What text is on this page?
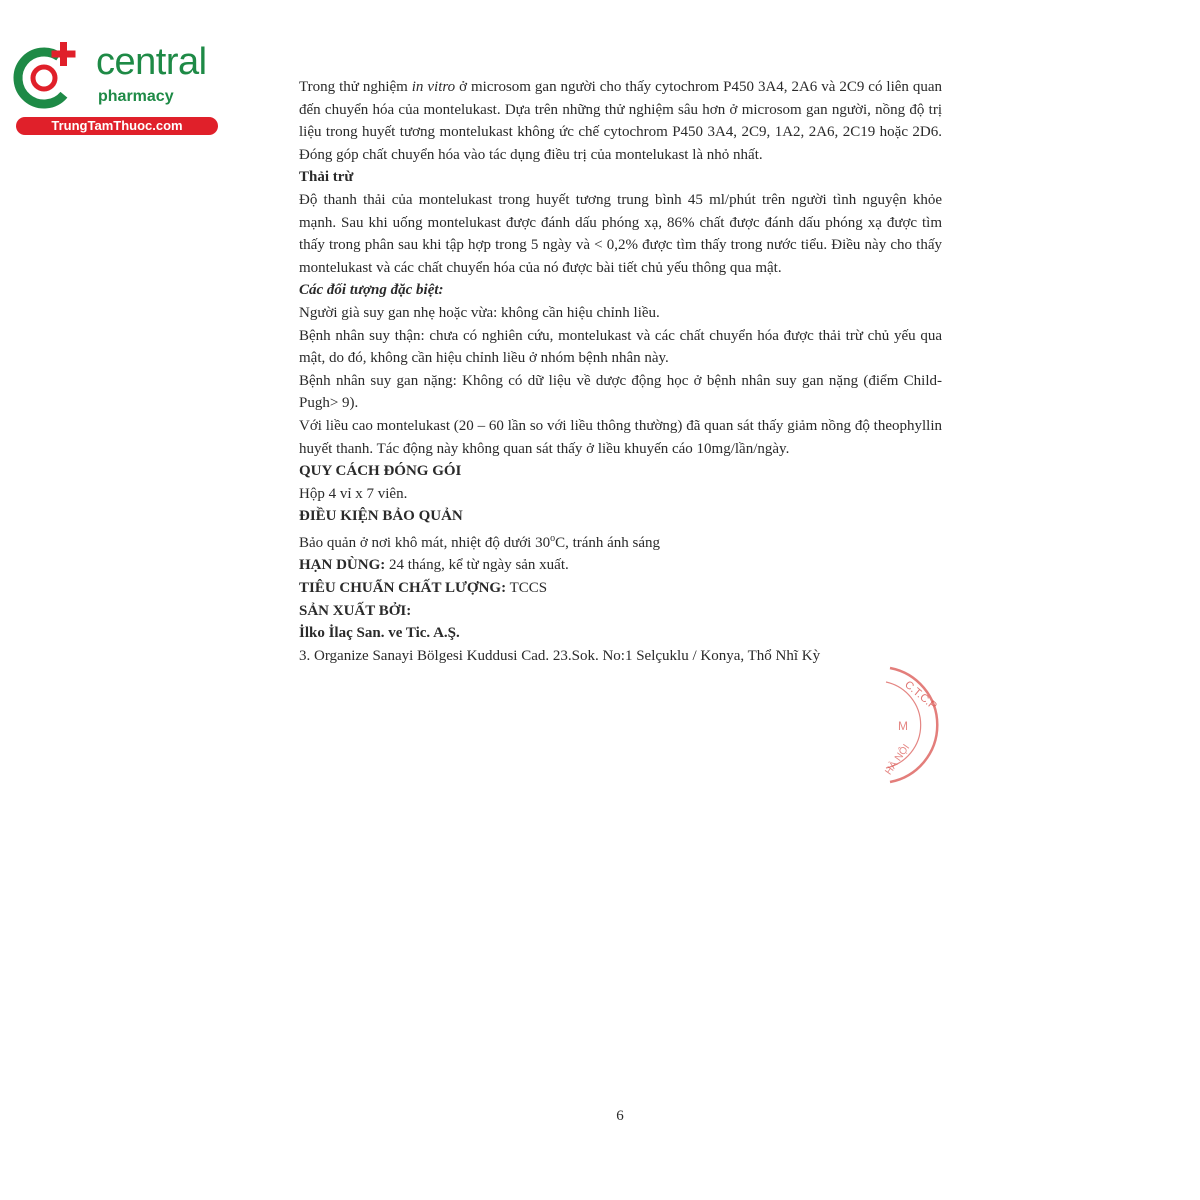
central
pharmacy
TrungTamThuoc.com

Trong thử nghiệm in vitro ở microsom gan người cho thấy cytochrom P450 3A4, 2A6 và 2C9 có liên quan đến chuyển hóa của montelukast. Dựa trên những thử nghiệm sâu hơn ở microsom gan người, nồng độ trị liệu trong huyết tương montelukast không ức chế cytochrom P450 3A4, 2C9, 1A2, 2A6, 2C19 hoặc 2D6. Đóng góp chất chuyển hóa vào tác dụng điều trị của montelukast là nhỏ nhất.

Thải trừ

Độ thanh thải của montelukast trong huyết tương trung bình 45 ml/phút trên người tình nguyện khỏe mạnh. Sau khi uống montelukast được đánh dấu phóng xạ, 86% chất được đánh dấu phóng xạ được tìm thấy trong phân sau khi tập hợp trong 5 ngày và < 0,2% được tìm thấy trong nước tiểu. Điều này cho thấy montelukast và các chất chuyển hóa của nó được bài tiết chủ yếu thông qua mật.

Các đối tượng đặc biệt:

Người già suy gan nhẹ hoặc vừa: không cần hiệu chỉnh liều.

Bệnh nhân suy thận: chưa có nghiên cứu, montelukast và các chất chuyển hóa được thải trừ chủ yếu qua mật, do đó, không cần hiệu chỉnh liều ở nhóm bệnh nhân này.

Bệnh nhân suy gan nặng: Không có dữ liệu về dược động học ở bệnh nhân suy gan nặng (điểm Child-Pugh> 9).

Với liều cao montelukast (20 – 60 lần so với liều thông thường) đã quan sát thấy giảm nồng độ theophyllin huyết thanh. Tác động này không quan sát thấy ở liều khuyến cáo 10mg/lần/ngày.

QUY CÁCH ĐÓNG GÓI

Hộp 4 vỉ x 7 viên.

ĐIỀU KIỆN BẢO QUẢN

Bảo quản ở nơi khô mát, nhiệt độ dưới 30$^o$C, tránh ánh sáng

HẠN DÙNG: 24 tháng, kể từ ngày sản xuất.

TIÊU CHUẨN CHẤT LƯỢNG: TCCS

SẢN XUẤT BỞI:

İlko İlaç San. ve Tic. A.Ş.

3. Organize Sanayi Bölgesi Kuddusi Cad. 23.Sok. No:1 Selçuklu / Konya, Thổ Nhĩ Kỳ

C.T.C.P
M
HÀ NỘI
6
